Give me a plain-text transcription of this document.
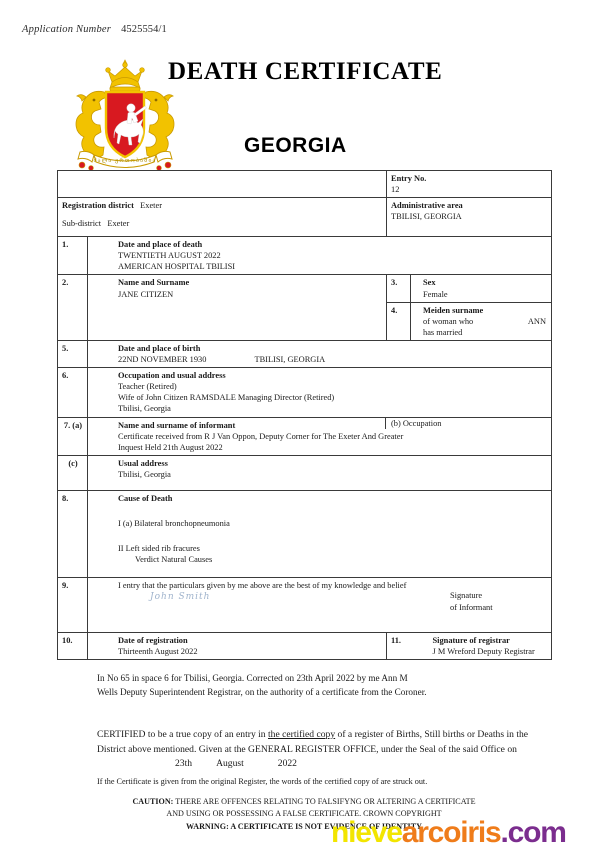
Application Number 4525554/1
ძალა ერთობაშია
DEATH CERTIFICATE
GEORGIA

		Entry No.
12	

Registration district Exeter
Sub-district Exeter		Administrative area
TBILISI, GEORGIA	

1.	Date and place of death
TWENTIETH AUGUST 2022
AMERICAN HOSPITAL TBILISI		

2.	Name and Surname
JANE CITIZEN	3.	Sex
Female

		4.	Meiden surname
of woman who ANN
has married

5.	Date and place of birth
22ND NOVEMBER 1930 TBILISI, GEORGIA		

6.	Occupation and usual address
Teacher (Retired)
Wife of John Citizen RAMSDALE Managing Director (Retired)
Tbilisi, Georgia		

7. (a)	Name and surname of informant (b) Occupation
Certificate received from R J Van Oppon, Deputy Corner for The Exeter And Greater
Inquest Held 21th August 2022		

(c)	Usual address
Tbilisi, Georgia		

8.	Cause of Death
I (a) Bilateral bronchopneumonia
II Left sided rib fracures
Verdict Natural Causes		

9.	I entry that the particulars given by me above are the best of my knowledge and belief
Signature
of Informant
John Smith		
10.	Date of registration
Thirteenth August 2022	11.	Signature of registrar
J M Wreford Deputy Registrar
In No 65 in space 6 for Tbilisi, Georgia. Corrected on 23th April 2022 by me Ann M
Wells Deputy Superintendent Registrar, on the authority of a certificate from the Coroner.
CERTIFIED to be a true copy of an entry in the certified copy of a register of Births, Still births or Deaths in the District above mentioned. Given at the GENERAL REGISTER OFFICE, under the Seal of the said Office on23th	August	2022
If the Certificate is given from the original Register, the words of the certified copy of are struck out.
CAUTION: THERE ARE OFFENCES RELATING TO FALSIFYNG OR ALTERING A CERTIFICATE
AND USING OR POSSESSING A FALSE CERTIFICATE. CROWN COPYRIGHT
WARNING: A CERTIFICATE IS NOT EVIDENCE OF IDENTITY
nievearcoiris.com
